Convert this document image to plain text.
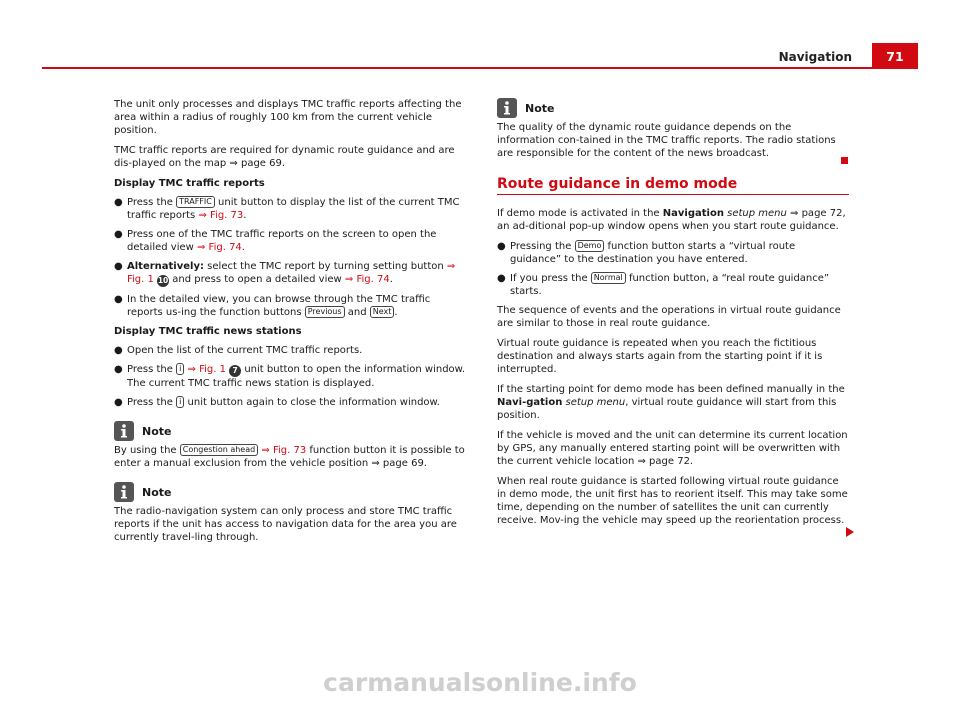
Navigation	71

The unit only processes and displays TMC traffic reports affecting the area within a radius of roughly 100 km from the current vehicle position.

TMC traffic reports are required for dynamic route guidance and are dis-played on the map ⇒ page 69.

Display TMC traffic reports
● Press the TRAFFIC unit button to display the list of the current TMC traffic reports ⇒ Fig. 73.
● Press one of the TMC traffic reports on the screen to open the detailed view ⇒ Fig. 74.
● Alternatively: select the TMC report by turning setting button ⇒ Fig. 1 10 and press to open a detailed view ⇒ Fig. 74.
● In the detailed view, you can browse through the TMC traffic reports us-ing the function buttons Previous and Next .
Display TMC traffic news stations
● Open the list of the current TMC traffic reports.
● Press the i ⇒ Fig. 1 7 unit button to open the information window. The current TMC traffic news station is displayed.
● Press the i unit button again to close the information window.
Note

By using the Congestion ahead ⇒ Fig. 73 function button it is possible to enter a manual exclusion from the vehicle position ⇒ page 69.

Note

The radio-navigation system can only process and store TMC traffic reports if the unit has access to navigation data for the area you are currently travel-ling through.

Note

The quality of the dynamic route guidance depends on the information con-tained in the TMC traffic reports. The radio stations are responsible for the content of the news broadcast.

Route guidance in demo mode

If demo mode is activated in the Navigation setup menu ⇒ page 72, an ad-ditional pop-up window opens when you start route guidance.

● Pressing the Demo function button starts a “virtual route guidance” to the destination you have entered.
● If you press the Normal function button, a “real route guidance” starts.

The sequence of events and the operations in virtual route guidance are similar to those in real route guidance.

Virtual route guidance is repeated when you reach the fictitious destination and always starts again from the starting point if it is interrupted.

If the starting point for demo mode has been defined manually in the Navi-gation setup menu, virtual route guidance will start from this position.

If the vehicle is moved and the unit can determine its current location by GPS, any manually entered starting point will be overwritten with the current vehicle location ⇒ page 72.

When real route guidance is started following virtual route guidance in demo mode, the unit first has to reorient itself. This may take some time, depending on the number of satellites the unit can currently receive. Mov-ing the vehicle may speed up the reorientation process.

carmanualsonline.info
